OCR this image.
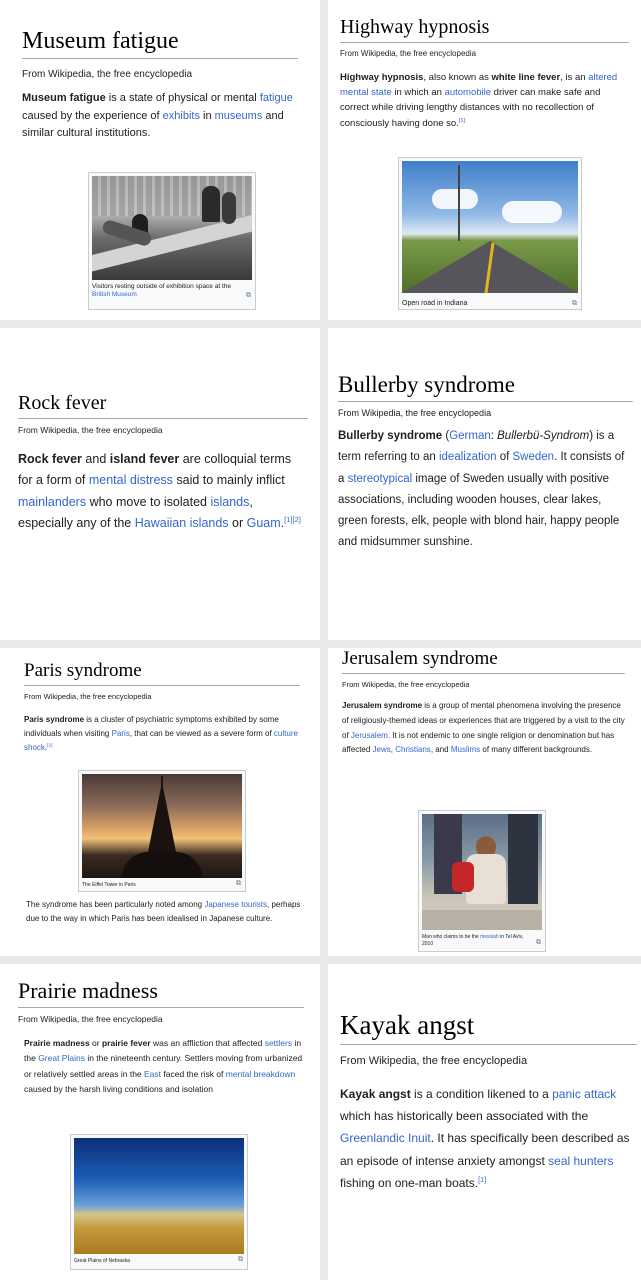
Museum fatigue
From Wikipedia, the free encyclopedia
Museum fatigue is a state of physical or mental fatigue caused by the experience of exhibits in museums and similar cultural institutions.
Visitors resting outside of exhibition space at the British Museum	⧉
Highway hypnosis
From Wikipedia, the free encyclopedia
Highway hypnosis, also known as white line fever, is an altered mental state in which an automobile driver can make safe and correct while driving lengthy distances with no recollection of consciously having done so.[1]
Open road in Indiana	⧉
Rock fever
From Wikipedia, the free encyclopedia
Rock fever and island fever are colloquial terms for a form of mental distress said to mainly inflict mainlanders who move to isolated islands, especially any of the Hawaiian islands or Guam.[1][2]
Bullerby syndrome
From Wikipedia, the free encyclopedia
Bullerby syndrome (German: Bullerbü-Syndrom) is a term referring to an idealization of Sweden. It consists of a stereotypical image of Sweden usually with positive associations, including wooden houses, clear lakes, green forests, elk, people with blond hair, happy people and midsummer sunshine.
Paris syndrome
From Wikipedia, the free encyclopedia
Paris syndrome is a cluster of psychiatric symptoms exhibited by some individuals when visiting Paris, that can be viewed as a severe form of culture shock.[1]
The Eiffel Tower in Paris	⧉
The syndrome has been particularly noted among Japanese tourists, perhaps due to the way in which Paris has been idealised in Japanese culture.
Jerusalem syndrome
From Wikipedia, the free encyclopedia
Jerusalem syndrome is a group of mental phenomena involving the presence of religiously-themed ideas or experiences that are triggered by a visit to the city of Jerusalem. It is not endemic to one single religion or denomination but has affected Jews, Christians, and Muslims of many different backgrounds.
Man who claims to be the messiah in Tel Aviv, 2010	⧉
Prairie madness
From Wikipedia, the free encyclopedia
Prairie madness or prairie fever was an affliction that affected settlers in the Great Plains in the nineteenth century. Settlers moving from urbanized or relatively settled areas in the East faced the risk of mental breakdown caused by the harsh living conditions and isolation
Great Plains of Nebraska	⧉
Kayak angst
From Wikipedia, the free encyclopedia
Kayak angst is a condition likened to a panic attack which has historically been associated with the Greenlandic Inuit. It has specifically been described as an episode of intense anxiety amongst seal hunters fishing on one-man boats.[1]
